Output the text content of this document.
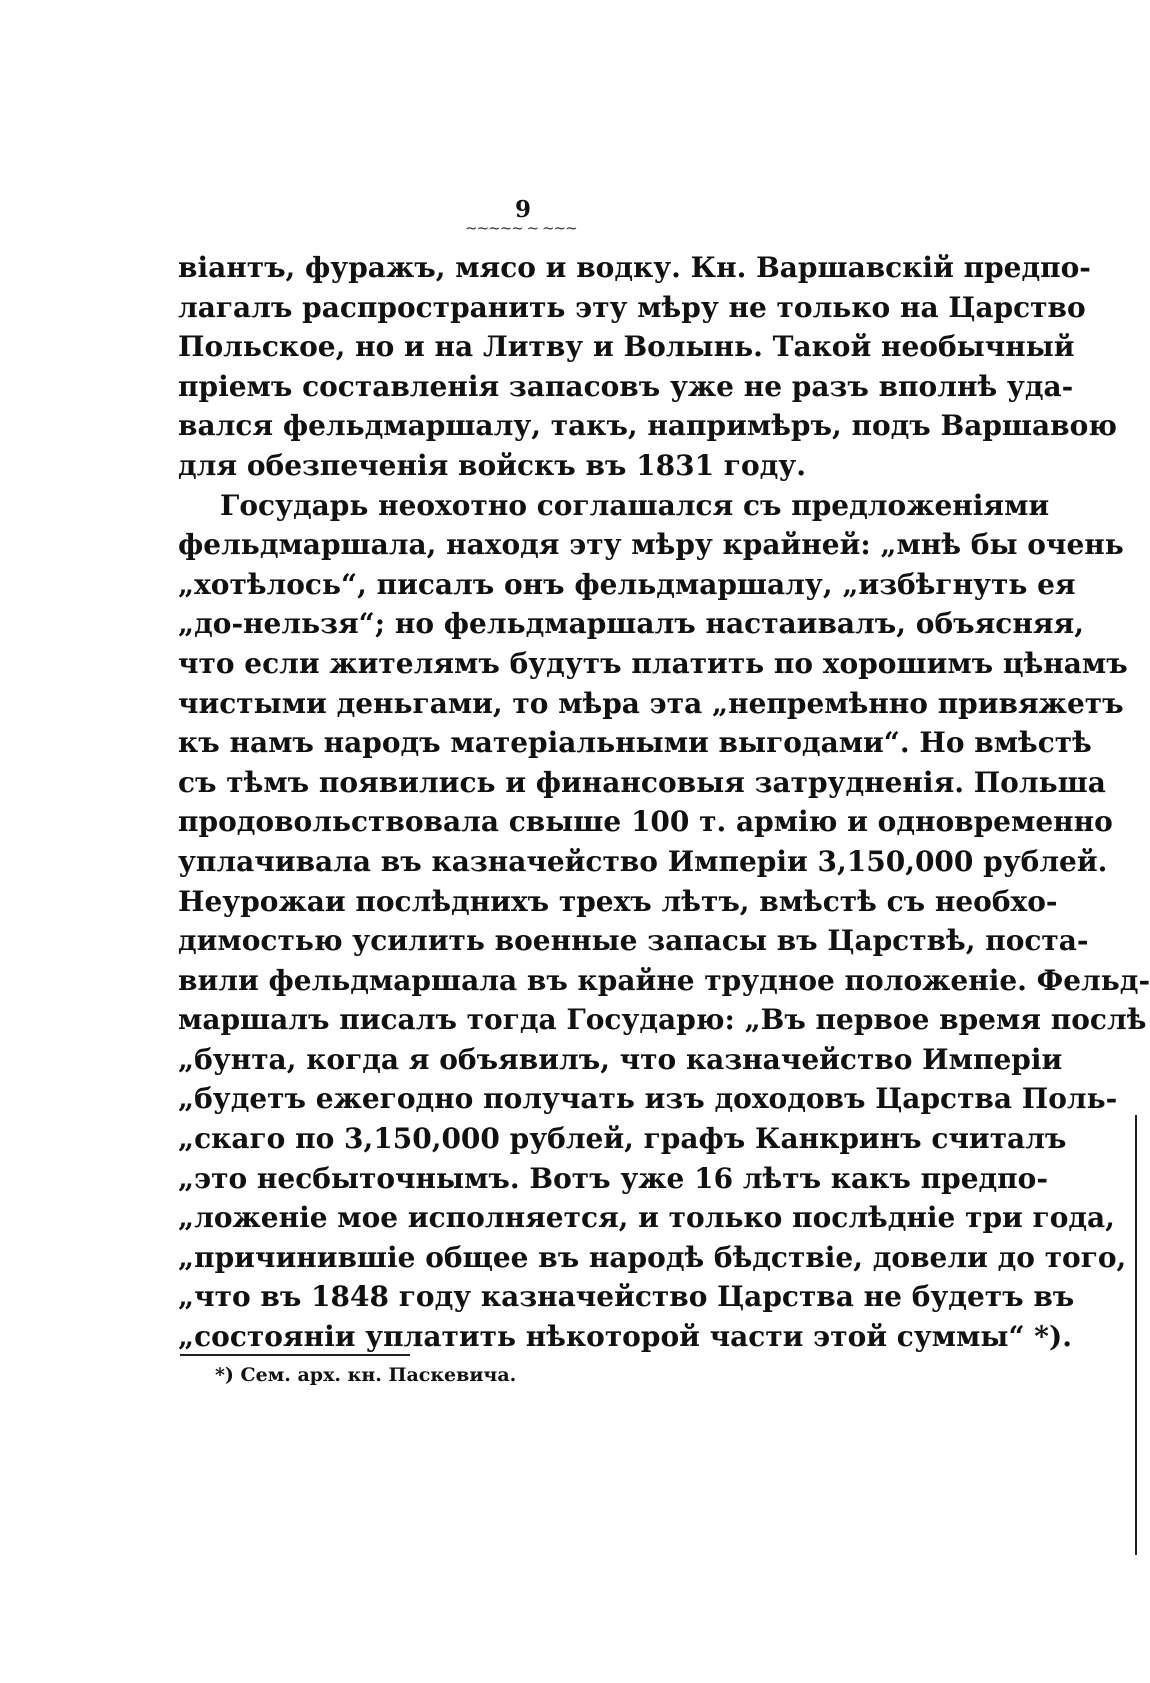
9
~~~~~ ~ ~~~
віантъ, фуражъ, мясо и водку. Кн. Варшавскій предпо-
лагалъ распространить эту мѣру не только на Царство
Польское, но и на Литву и Волынь. Такой необычный
пріемъ составленія запасовъ уже не разъ вполнѣ уда-
вался фельдмаршалу, такъ, напримѣръ, подъ Варшавою
для обезпеченія войскъ въ 1831 году.
Государь неохотно соглашался съ предложеніями
фельдмаршала, находя эту мѣру крайней: „мнѣ бы очень
„хотѣлось“, писалъ онъ фельдмаршалу, „избѣгнуть ея
„до-нельзя“; но фельдмаршалъ настаивалъ, объясняя,
что если жителямъ будутъ платить по хорошимъ цѣнамъ
чистыми деньгами, то мѣра эта „непремѣнно привяжетъ
къ намъ народъ матеріальными выгодами“. Но вмѣстѣ
съ тѣмъ появились и финансовыя затрудненія. Польша
продовольствовала свыше 100 т. армію и одновременно
уплачивала въ казначейство Имперіи 3,150,000 рублей.
Неурожаи послѣднихъ трехъ лѣтъ, вмѣстѣ съ необхо-
димостью усилить военные запасы въ Царствѣ, поста-
вили фельдмаршала въ крайне трудное положеніе. Фельд-
маршалъ писалъ тогда Государю: „Въ первое время послѣ
„бунта, когда я объявилъ, что казначейство Имперіи
„будетъ ежегодно получать изъ доходовъ Царства Поль-
„скаго по 3,150,000 рублей, графъ Канкринъ считалъ
„это несбыточнымъ. Вотъ уже 16 лѣтъ какъ предпо-
„ложеніе мое исполняется, и только послѣдніе три года,
„причинившіе общее въ народѣ бѣдствіе, довели до того,
„что въ 1848 году казначейство Царства не будетъ въ
„состояніи уплатить нѣкоторой части этой суммы“ *).
*) Сем. арх. кн. Паскевича.
